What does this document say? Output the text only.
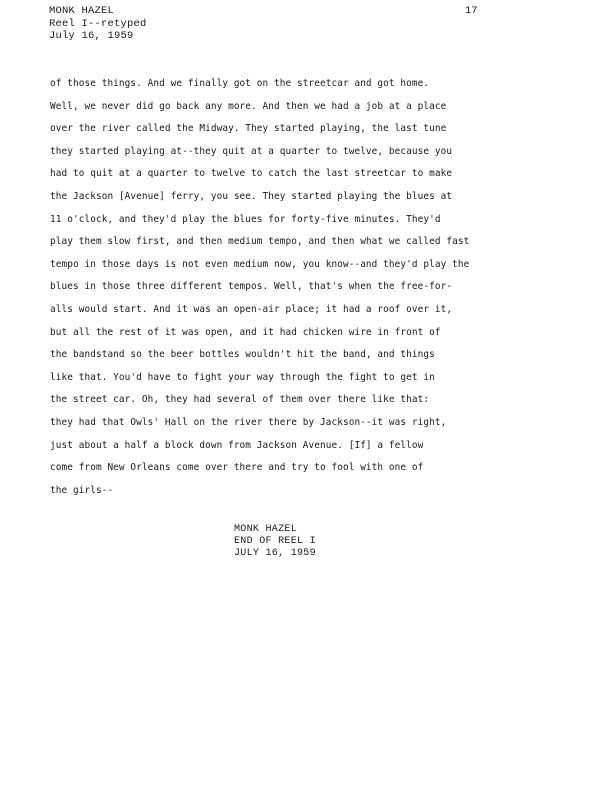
MONK HAZEL
Reel I--retyped
July 16, 1959
17
of those things. And we finally got on the streetcar and got home.
Well, we never did go back any more. And then we had a job at a place
over the river called the Midway. They started playing, the last tune
they started playing at--they quit at a quarter to twelve, because you
had to quit at a quarter to twelve to catch the last streetcar to make
the Jackson [Avenue] ferry, you see. They started playing the blues at
11 o'clock, and they'd play the blues for forty-five minutes. They'd
play them slow first, and then medium tempo, and then what we called fast
tempo in those days is not even medium now, you know--and they'd play the
blues in those three different tempos. Well, that's when the free-for-
alls would start. And it was an open-air place; it had a roof over it,
but all the rest of it was open, and it had chicken wire in front of
the bandstand so the beer bottles wouldn't hit the band, and things
like that. You'd have to fight your way through the fight to get in
the street car. Oh, they had several of them over there like that:
they had that Owls' Hall on the river there by Jackson--it was right,
just about a half a block down from Jackson Avenue. [If] a fellow
come from New Orleans come over there and try to fool with one of
the girls--
MONK HAZEL
END OF REEL I
JULY 16, 1959
